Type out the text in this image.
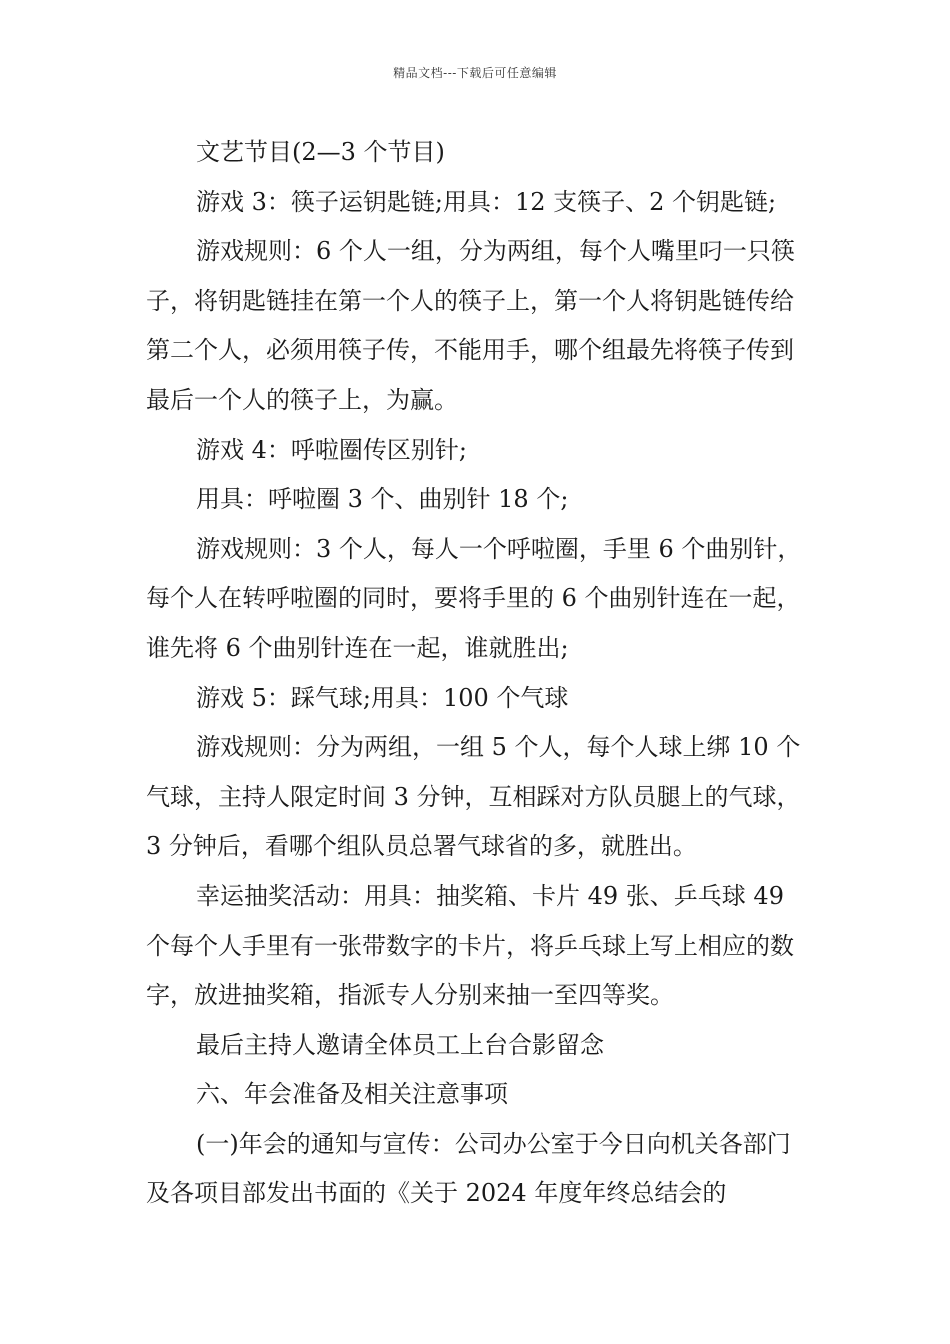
精品文档---下载后可任意编辑

文艺节目(2—3 个节目)

游戏 3：筷子运钥匙链;用具：12 支筷子、2 个钥匙链;

游戏规则：6 个人一组，分为两组，每个人嘴里叼一只筷子，将钥匙链挂在第一个人的筷子上，第一个人将钥匙链传给第二个人，必须用筷子传，不能用手，哪个组最先将筷子传到最后一个人的筷子上，为赢。

游戏 4：呼啦圈传区别针;

用具：呼啦圈 3 个、曲别针 18 个;

游戏规则：3 个人，每人一个呼啦圈，手里 6 个曲别针，每个人在转呼啦圈的同时，要将手里的 6 个曲别针连在一起，谁先将 6 个曲别针连在一起，谁就胜出;

游戏 5：踩气球;用具：100 个气球

游戏规则：分为两组，一组 5 个人，每个人球上绑 10 个气球，主持人限定时间 3 分钟，互相踩对方队员腿上的气球，3 分钟后，看哪个组队员总署气球省的多，就胜出。

幸运抽奖活动：用具：抽奖箱、卡片 49 张、乒乓球 49 个每个人手里有一张带数字的卡片，将乒乓球上写上相应的数字，放进抽奖箱，指派专人分别来抽一至四等奖。

最后主持人邀请全体员工上台合影留念

六、年会准备及相关注意事项

(一)年会的通知与宣传：公司办公室于今日向机关各部门及各项目部发出书面的《关于 2024 年度年终总结会的
